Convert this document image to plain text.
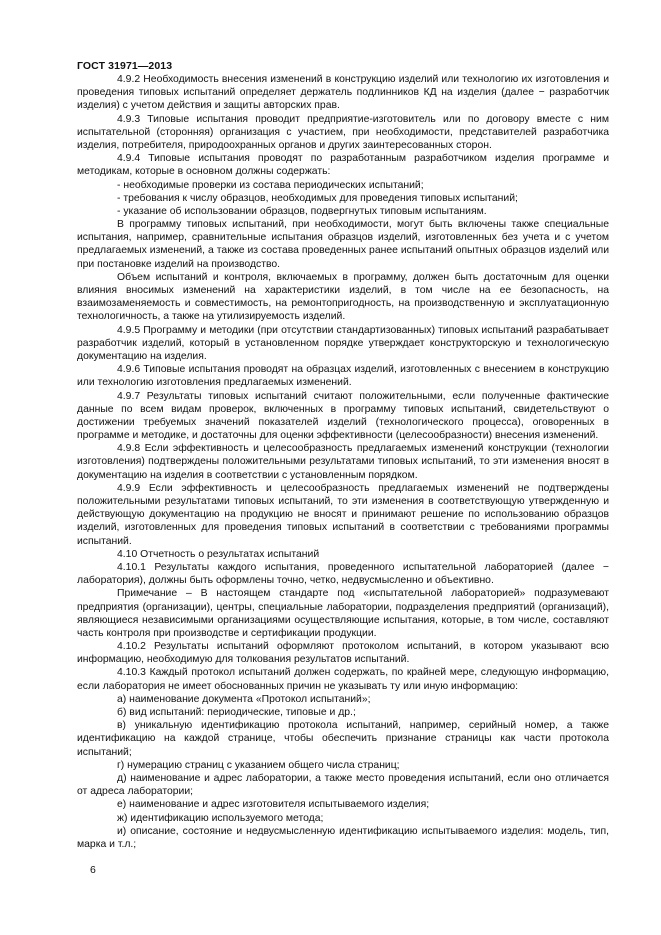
ГОСТ 31971—2013

4.9.2 Необходимость внесения изменений в конструкцию изделий или технологию их изготовления и проведения типовых испытаний определяет держатель подлинников КД на изделия (далее − разработчик изделия) с учетом действия и защиты авторских прав.

4.9.3 Типовые испытания проводит предприятие-изготовитель или по договору вместе с ним испытательной (сторонняя) организация с участием, при необходимости, представителей разработчика изделия, потребителя, природоохранных органов и других заинтересованных сторон.

4.9.4 Типовые испытания проводят по разработанным разработчиком изделия программе и методикам, которые в основном должны содержать:

- необходимые проверки из состава периодических испытаний;

- требования к числу образцов, необходимых для проведения типовых испытаний;

- указание об использовании образцов, подвергнутых типовым испытаниям.

В программу типовых испытаний, при необходимости, могут быть включены также специальные испытания, например, сравнительные испытания образцов изделий, изготовленных без учета и с учетом предлагаемых изменений, а также из состава проведенных ранее испытаний опытных образцов изделий или при постановке изделий на производство.

Объем испытаний и контроля, включаемых в программу, должен быть достаточным для оценки влияния вносимых изменений на характеристики изделий, в том числе на ее безопасность, на взаимозаменяемость и совместимость, на ремонтопригодность, на производственную и эксплуатационную технологичность, а также на утилизируемость изделий.

4.9.5 Программу и методики (при отсутствии стандартизованных) типовых испытаний разрабатывает разработчик изделий, который в установленном порядке утверждает конструкторскую и технологическую документацию на изделия.

4.9.6 Типовые испытания проводят на образцах изделий, изготовленных с внесением в конструкцию или технологию изготовления предлагаемых изменений.

4.9.7 Результаты типовых испытаний считают положительными, если полученные фактические данные по всем видам проверок, включенных в программу типовых испытаний, свидетельствуют о достижении требуемых значений показателей изделий (технологического процесса), оговоренных в программе и методике, и достаточны для оценки эффективности (целесообразности) внесения изменений.

4.9.8 Если эффективность и целесообразность предлагаемых изменений конструкции (технологии изготовления) подтверждены положительными результатами типовых испытаний, то эти изменения вносят в документацию на изделия в соответствии с установленным порядком.

4.9.9 Если эффективность и целесообразность предлагаемых изменений не подтверждены положительными результатами типовых испытаний, то эти изменения в соответствующую утвержденную и действующую документацию на продукцию не вносят и принимают решение по использованию образцов изделий, изготовленных для проведения типовых испытаний в соответствии с требованиями программы испытаний.

4.10 Отчетность о результатах испытаний

4.10.1 Результаты каждого испытания, проведенного испытательной лабораторией (далее − лаборатория), должны быть оформлены точно, четко, недвусмысленно и объективно.

Примечание – В настоящем стандарте под «испытательной лабораторией» подразумевают предприятия (организации), центры, специальные лаборатории, подразделения предприятий (организаций), являющиеся независимыми организациями осуществляющие испытания, которые, в том числе, составляют часть контроля при производстве и сертификации продукции.

4.10.2 Результаты испытаний оформляют протоколом испытаний, в котором указывают всю информацию, необходимую для толкования результатов испытаний.

4.10.3 Каждый протокол испытаний должен содержать, по крайней мере, следующую информацию, если лаборатория не имеет обоснованных причин не указывать ту или иную информацию:

а) наименование документа «Протокол испытаний»;

б) вид испытаний: периодические, типовые и др.;

в) уникальную идентификацию протокола испытаний, например, серийный номер, а также идентификацию на каждой странице, чтобы обеспечить признание страницы как части протокола испытаний;

г) нумерацию страниц с указанием общего числа страниц;

д) наименование и адрес лаборатории, а также место проведения испытаний, если оно отличается от адреса лаборатории;

е) наименование и адрес изготовителя испытываемого изделия;

ж) идентификацию используемого метода;

и) описание, состояние и недвусмысленную идентификацию испытываемого изделия: модель, тип, марка и т.л.;

6
